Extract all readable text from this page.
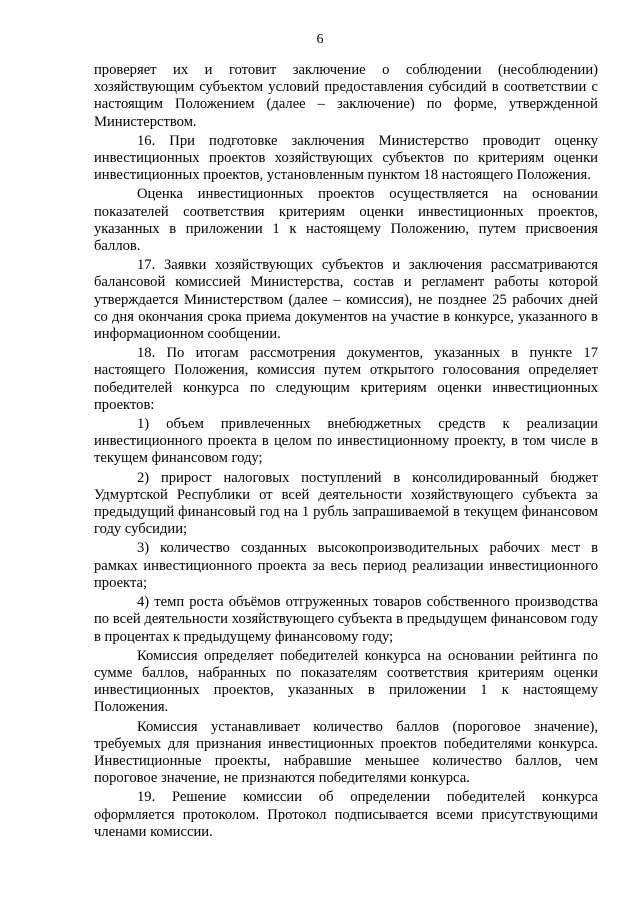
6

проверяет их и готовит заключение о соблюдении (несоблюдении) хозяйствующим субъектом условий предоставления субсидий в соответствии с настоящим Положением (далее – заключение) по форме, утвержденной Министерством.

16. При подготовке заключения Министерство проводит оценку инвестиционных проектов хозяйствующих субъектов по критериям оценки инвестиционных проектов, установленным пунктом 18 настоящего Положения.

Оценка инвестиционных проектов осуществляется на основании показателей соответствия критериям оценки инвестиционных проектов, указанных в приложении 1 к настоящему Положению, путем присвоения баллов.

17. Заявки хозяйствующих субъектов и заключения рассматриваются балансовой комиссией Министерства, состав и регламент работы которой утверждается Министерством (далее – комиссия), не позднее 25 рабочих дней со дня окончания срока приема документов на участие в конкурсе, указанного в информационном сообщении.

18. По итогам рассмотрения документов, указанных в пункте 17 настоящего Положения, комиссия путем открытого голосования определяет победителей конкурса по следующим критериям оценки инвестиционных проектов:

1) объем привлеченных внебюджетных средств к реализации инвестиционного проекта в целом по инвестиционному проекту, в том числе в текущем финансовом году;

2) прирост налоговых поступлений в консолидированный бюджет Удмуртской Республики от всей деятельности хозяйствующего субъекта за предыдущий финансовый год на 1 рубль запрашиваемой в текущем финансовом году субсидии;

3) количество созданных высокопроизводительных рабочих мест в рамках инвестиционного проекта за весь период реализации инвестиционного проекта;

4) темп роста объёмов отгруженных товаров собственного производства по всей деятельности хозяйствующего субъекта в предыдущем финансовом году в процентах к предыдущему финансовому году;

Комиссия определяет победителей конкурса на основании рейтинга по сумме баллов, набранных по показателям соответствия критериям оценки инвестиционных проектов, указанных в приложении 1 к настоящему Положения.

Комиссия устанавливает количество баллов (пороговое значение), требуемых для признания инвестиционных проектов победителями конкурса. Инвестиционные проекты, набравшие меньшее количество баллов, чем пороговое значение, не признаются победителями конкурса.

19. Решение комиссии об определении победителей конкурса оформляется протоколом. Протокол подписывается всеми присутствующими членами комиссии.
